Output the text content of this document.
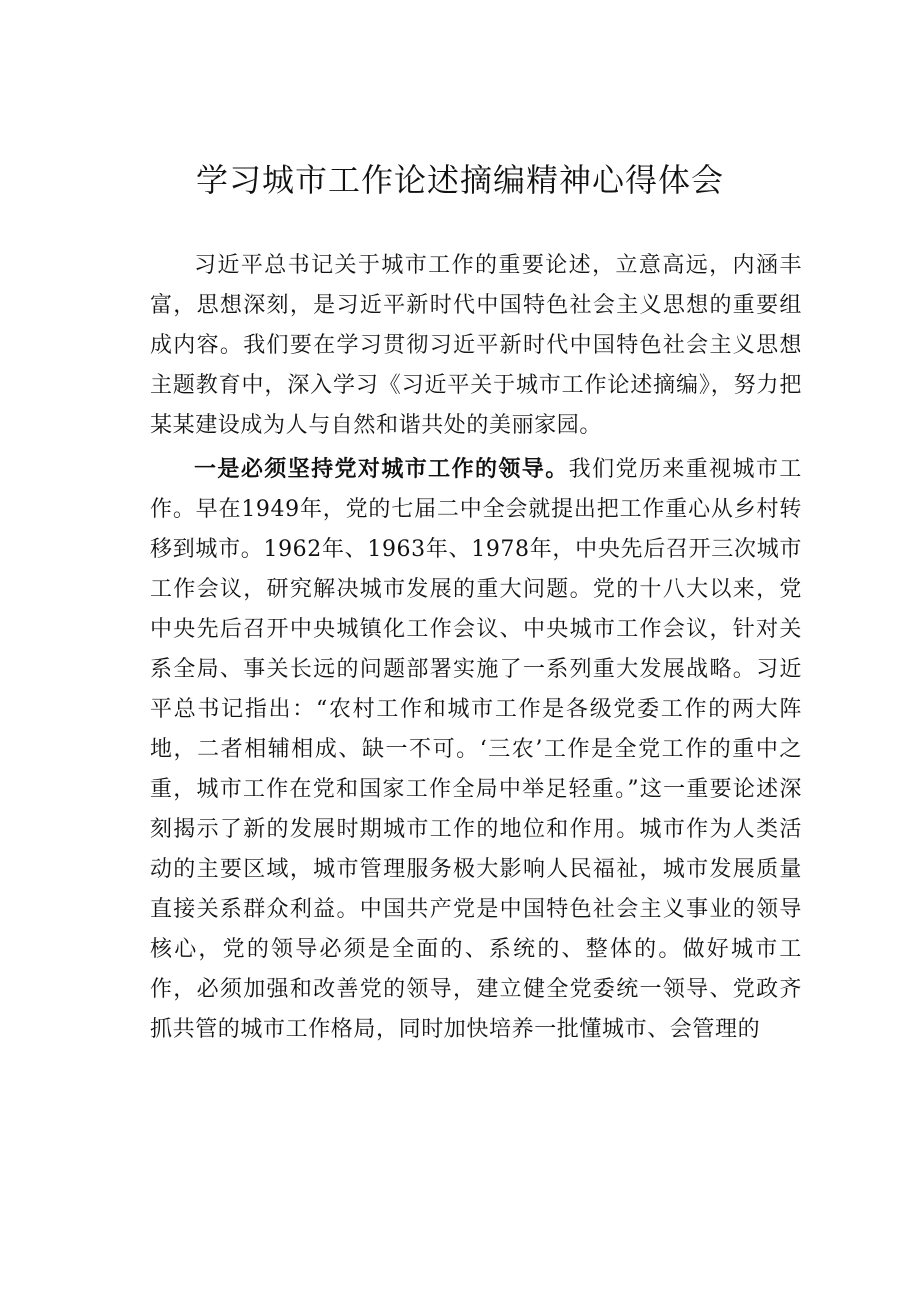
学习城市工作论述摘编精神心得体会

习近平总书记关于城市工作的重要论述，立意高远，内涵丰富，思想深刻，是习近平新时代中国特色社会主义思想的重要组成内容。我们要在学习贯彻习近平新时代中国特色社会主义思想主题教育中，深入学习《习近平关于城市工作论述摘编》，努力把某某建设成为人与自然和谐共处的美丽家园。

一是必须坚持党对城市工作的领导。我们党历来重视城市工作。早在1949年，党的七届二中全会就提出把工作重心从乡村转移到城市。1962年、1963年、1978年，中央先后召开三次城市工作会议，研究解决城市发展的重大问题。党的十八大以来，党中央先后召开中央城镇化工作会议、中央城市工作会议，针对关系全局、事关长远的问题部署实施了一系列重大发展战略。习近平总书记指出：“农村工作和城市工作是各级党委工作的两大阵地，二者相辅相成、缺一不可。‘三农’工作是全党工作的重中之重，城市工作在党和国家工作全局中举足轻重。”这一重要论述深刻揭示了新的发展时期城市工作的地位和作用。城市作为人类活动的主要区域，城市管理服务极大影响人民福祉，城市发展质量直接关系群众利益。中国共产党是中国特色社会主义事业的领导核心，党的领导必须是全面的、系统的、整体的。做好城市工作，必须加强和改善党的领导，建立健全党委统一领导、党政齐抓共管的城市工作格局，同时加快培养一批懂城市、会管理的
